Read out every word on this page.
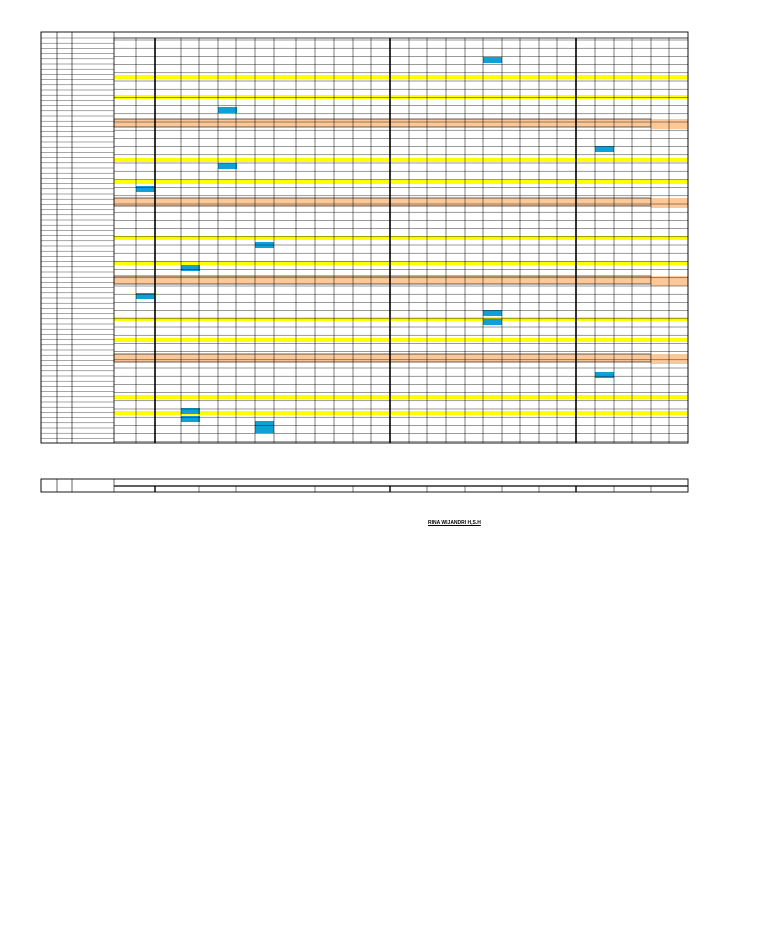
RINA WIJANDRI H,S.H
